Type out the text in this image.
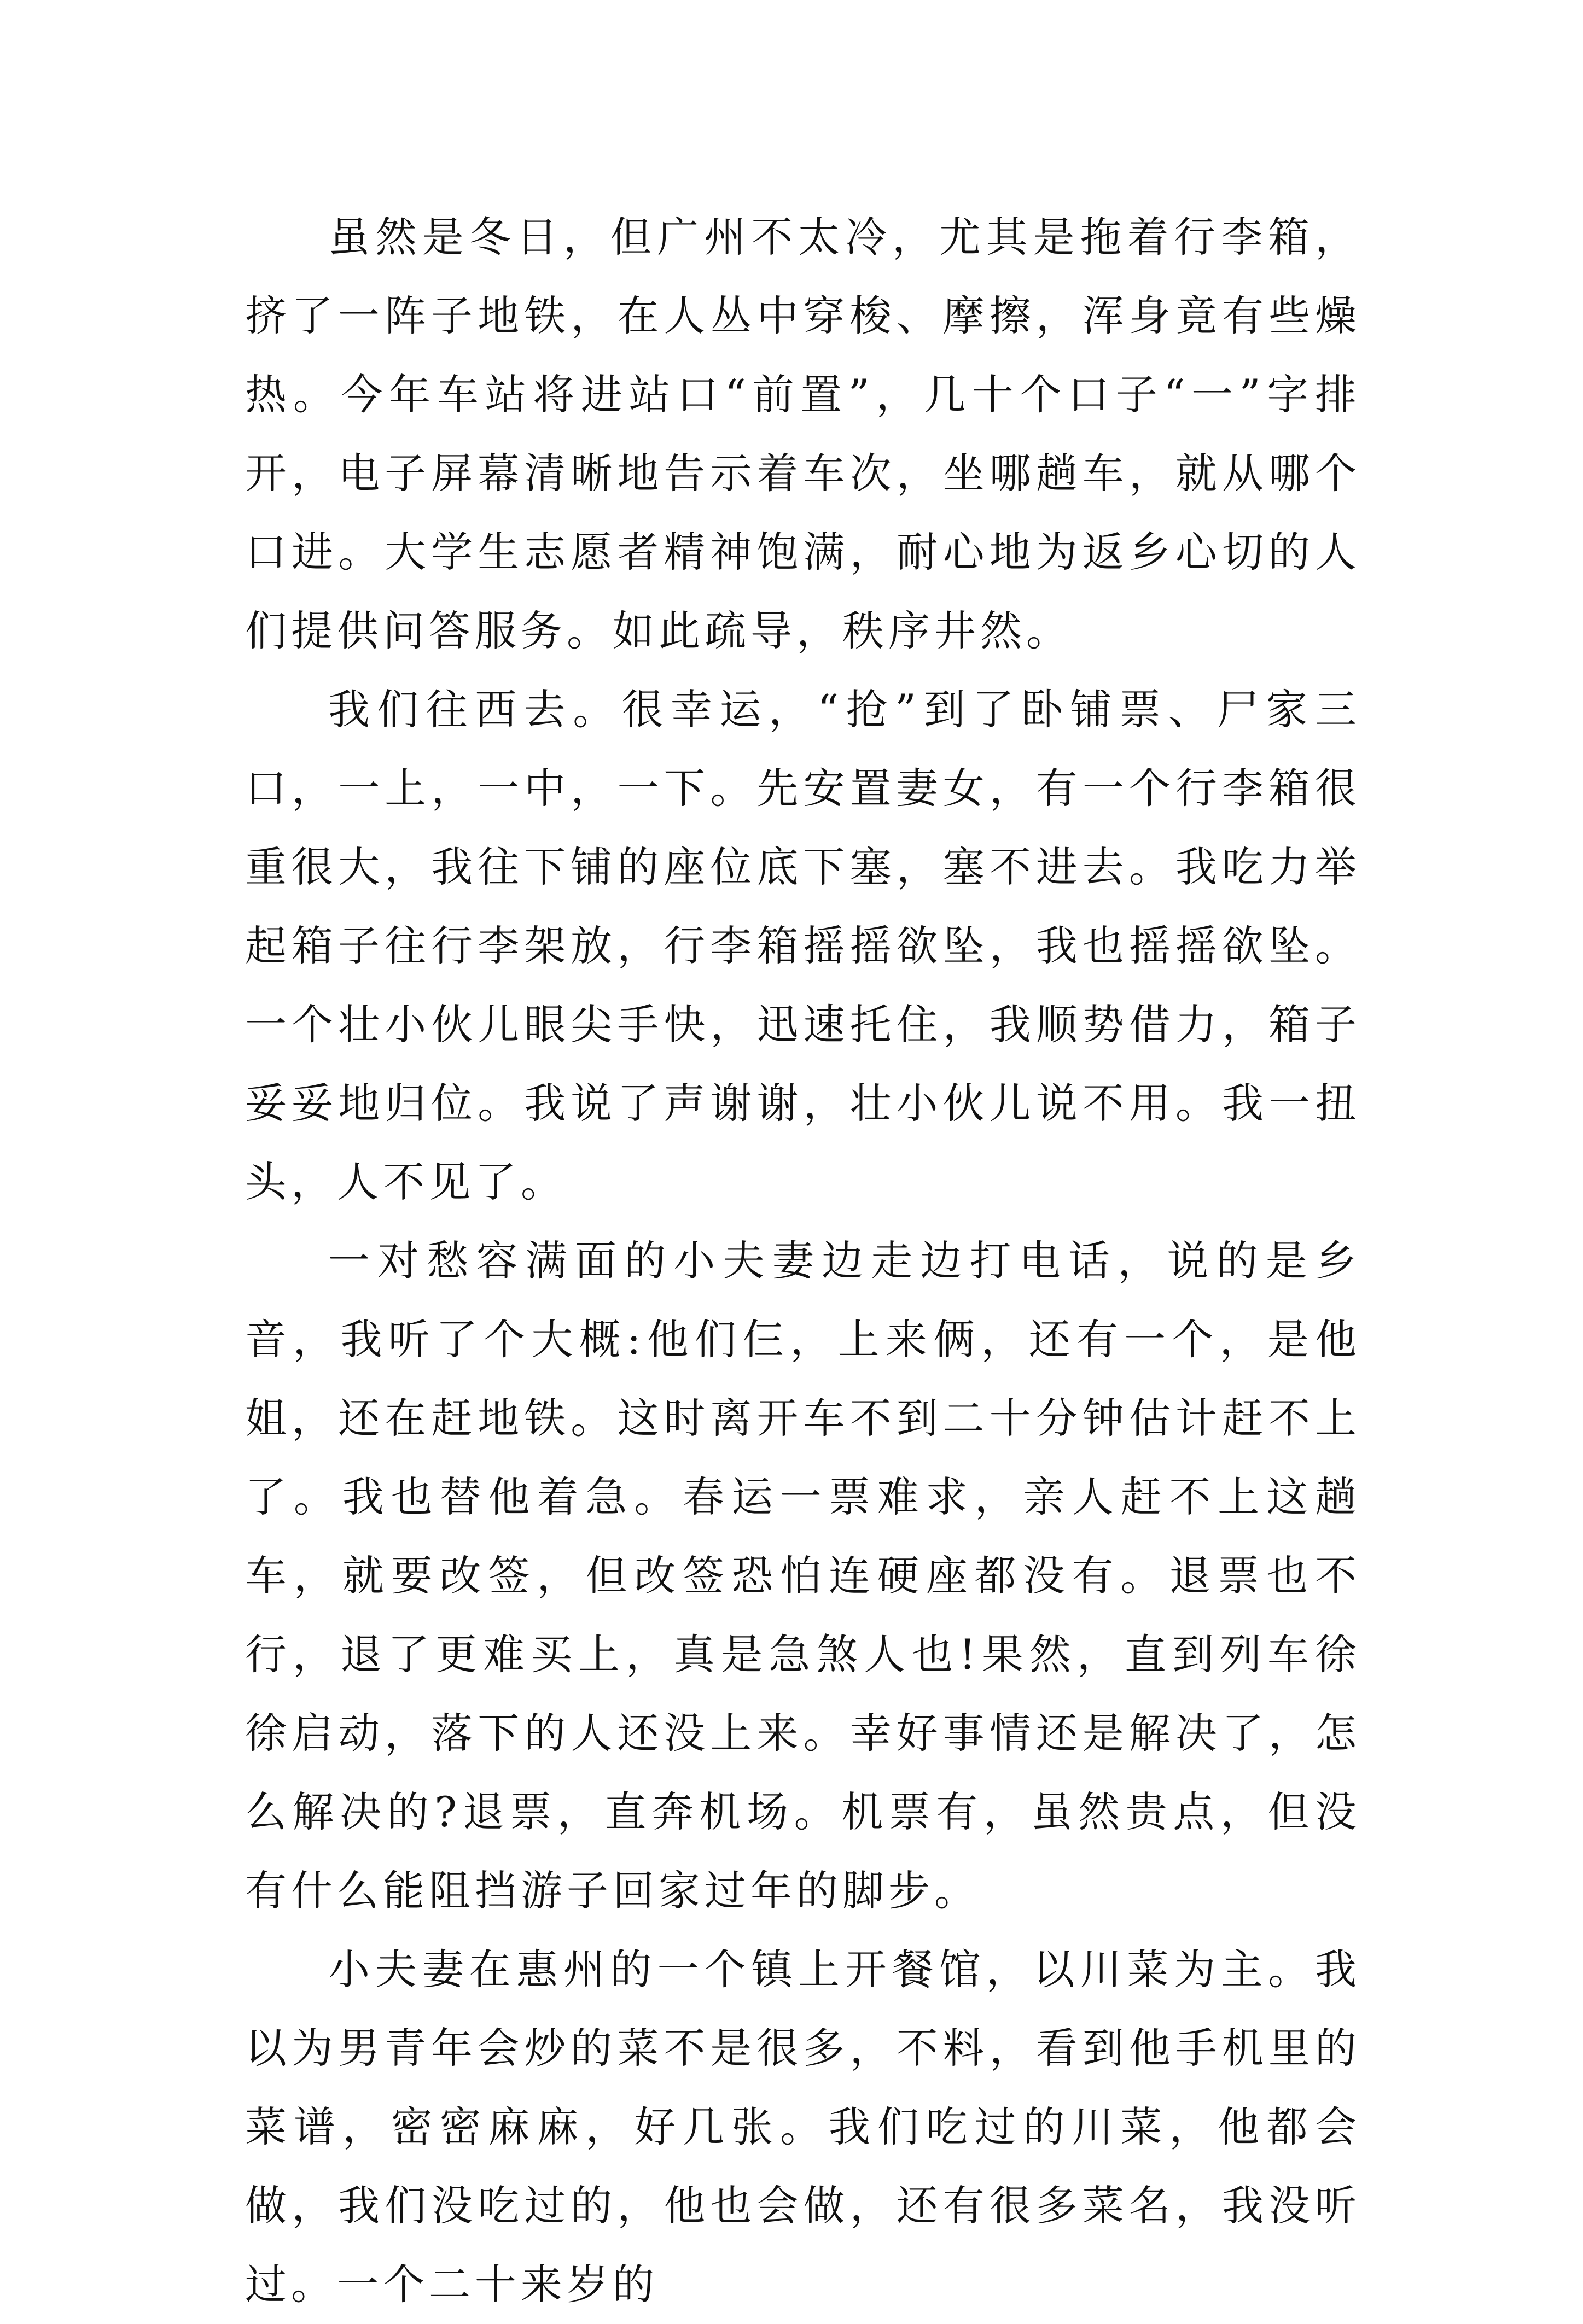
虽然是冬日，但广州不太冷，尤其是拖着行李箱，挤了一阵子地铁，在人丛中穿梭、摩擦，浑身竟有些燥热。今年车站将进站口“前置”，几十个口子“一”字排开，电子屏幕清晰地告示着车次，坐哪趟车，就从哪个口进。大学生志愿者精神饱满，耐心地为返乡心切的人们提供问答服务。如此疏导，秩序井然。

我们往西去。很幸运，“抢”到了卧铺票、尸家三口，一上，一中，一下。先安置妻女，有一个行李箱很重很大，我往下铺的座位底下塞，塞不进去。我吃力举起箱子往行李架放，行李箱摇摇欲坠，我也摇摇欲坠。一个壮小伙儿眼尖手快，迅速托住，我顺势借力，箱子妥妥地归位。我说了声谢谢，壮小伙儿说不用。我一扭头，人不见了。

一对愁容满面的小夫妻边走边打电话，说的是乡音，我听了个大概:他们仨，上来俩，还有一个，是他姐，还在赶地铁。这时离开车不到二十分钟估计赶不上了。我也替他着急。春运一票难求，亲人赶不上这趟车，就要改签，但改签恐怕连硬座都没有。退票也不行，退了更难买上，真是急煞人也!果然，直到列车徐徐启动，落下的人还没上来。幸好事情还是解决了，怎么解决的?退票，直奔机场。机票有，虽然贵点，但没有什么能阻挡游子回家过年的脚步。

小夫妻在惠州的一个镇上开餐馆，以川菜为主。我以为男青年会炒的菜不是很多，不料，看到他手机里的菜谱，密密麻麻，好几张。我们吃过的川菜，他都会做，我们没吃过的，他也会做，还有很多菜名，我没听过。一个二十来岁的
